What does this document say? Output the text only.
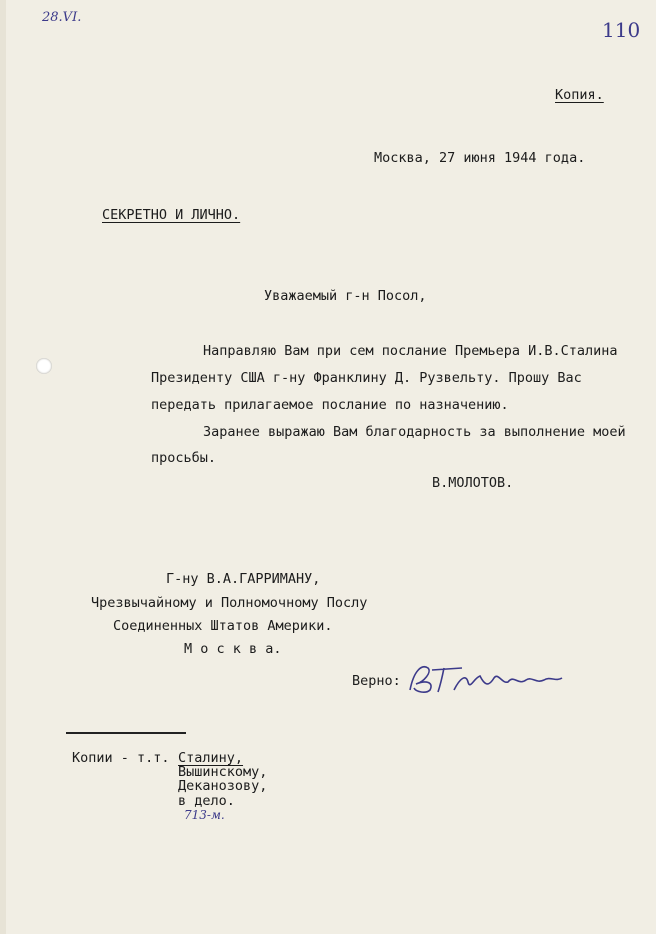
28.VI.
110
Копия.
Москва, 27 июня 1944 года.
СЕКРЕТНО И ЛИЧНО.
Уважаемый г-н Посол,
Направляю Вам при сем послание Премьера И.В.Сталина
Президенту США г-ну Франклину Д. Рузвельту. Прошу Вас
передать прилагаемое послание по назначению.
Заранее выражаю Вам благодарность за выполнение моей
просьбы.
В.МОЛОТОВ.
Г-ну В.А.ГАРРИМАНУ,
Чрезвычайному и Полномочному Послу
Соединенных Штатов Америки.
М о с к в а.
Верно:
Копии - т.т. Сталину,
Вышинскому,
Деканозову,
в дело.
713-м.
